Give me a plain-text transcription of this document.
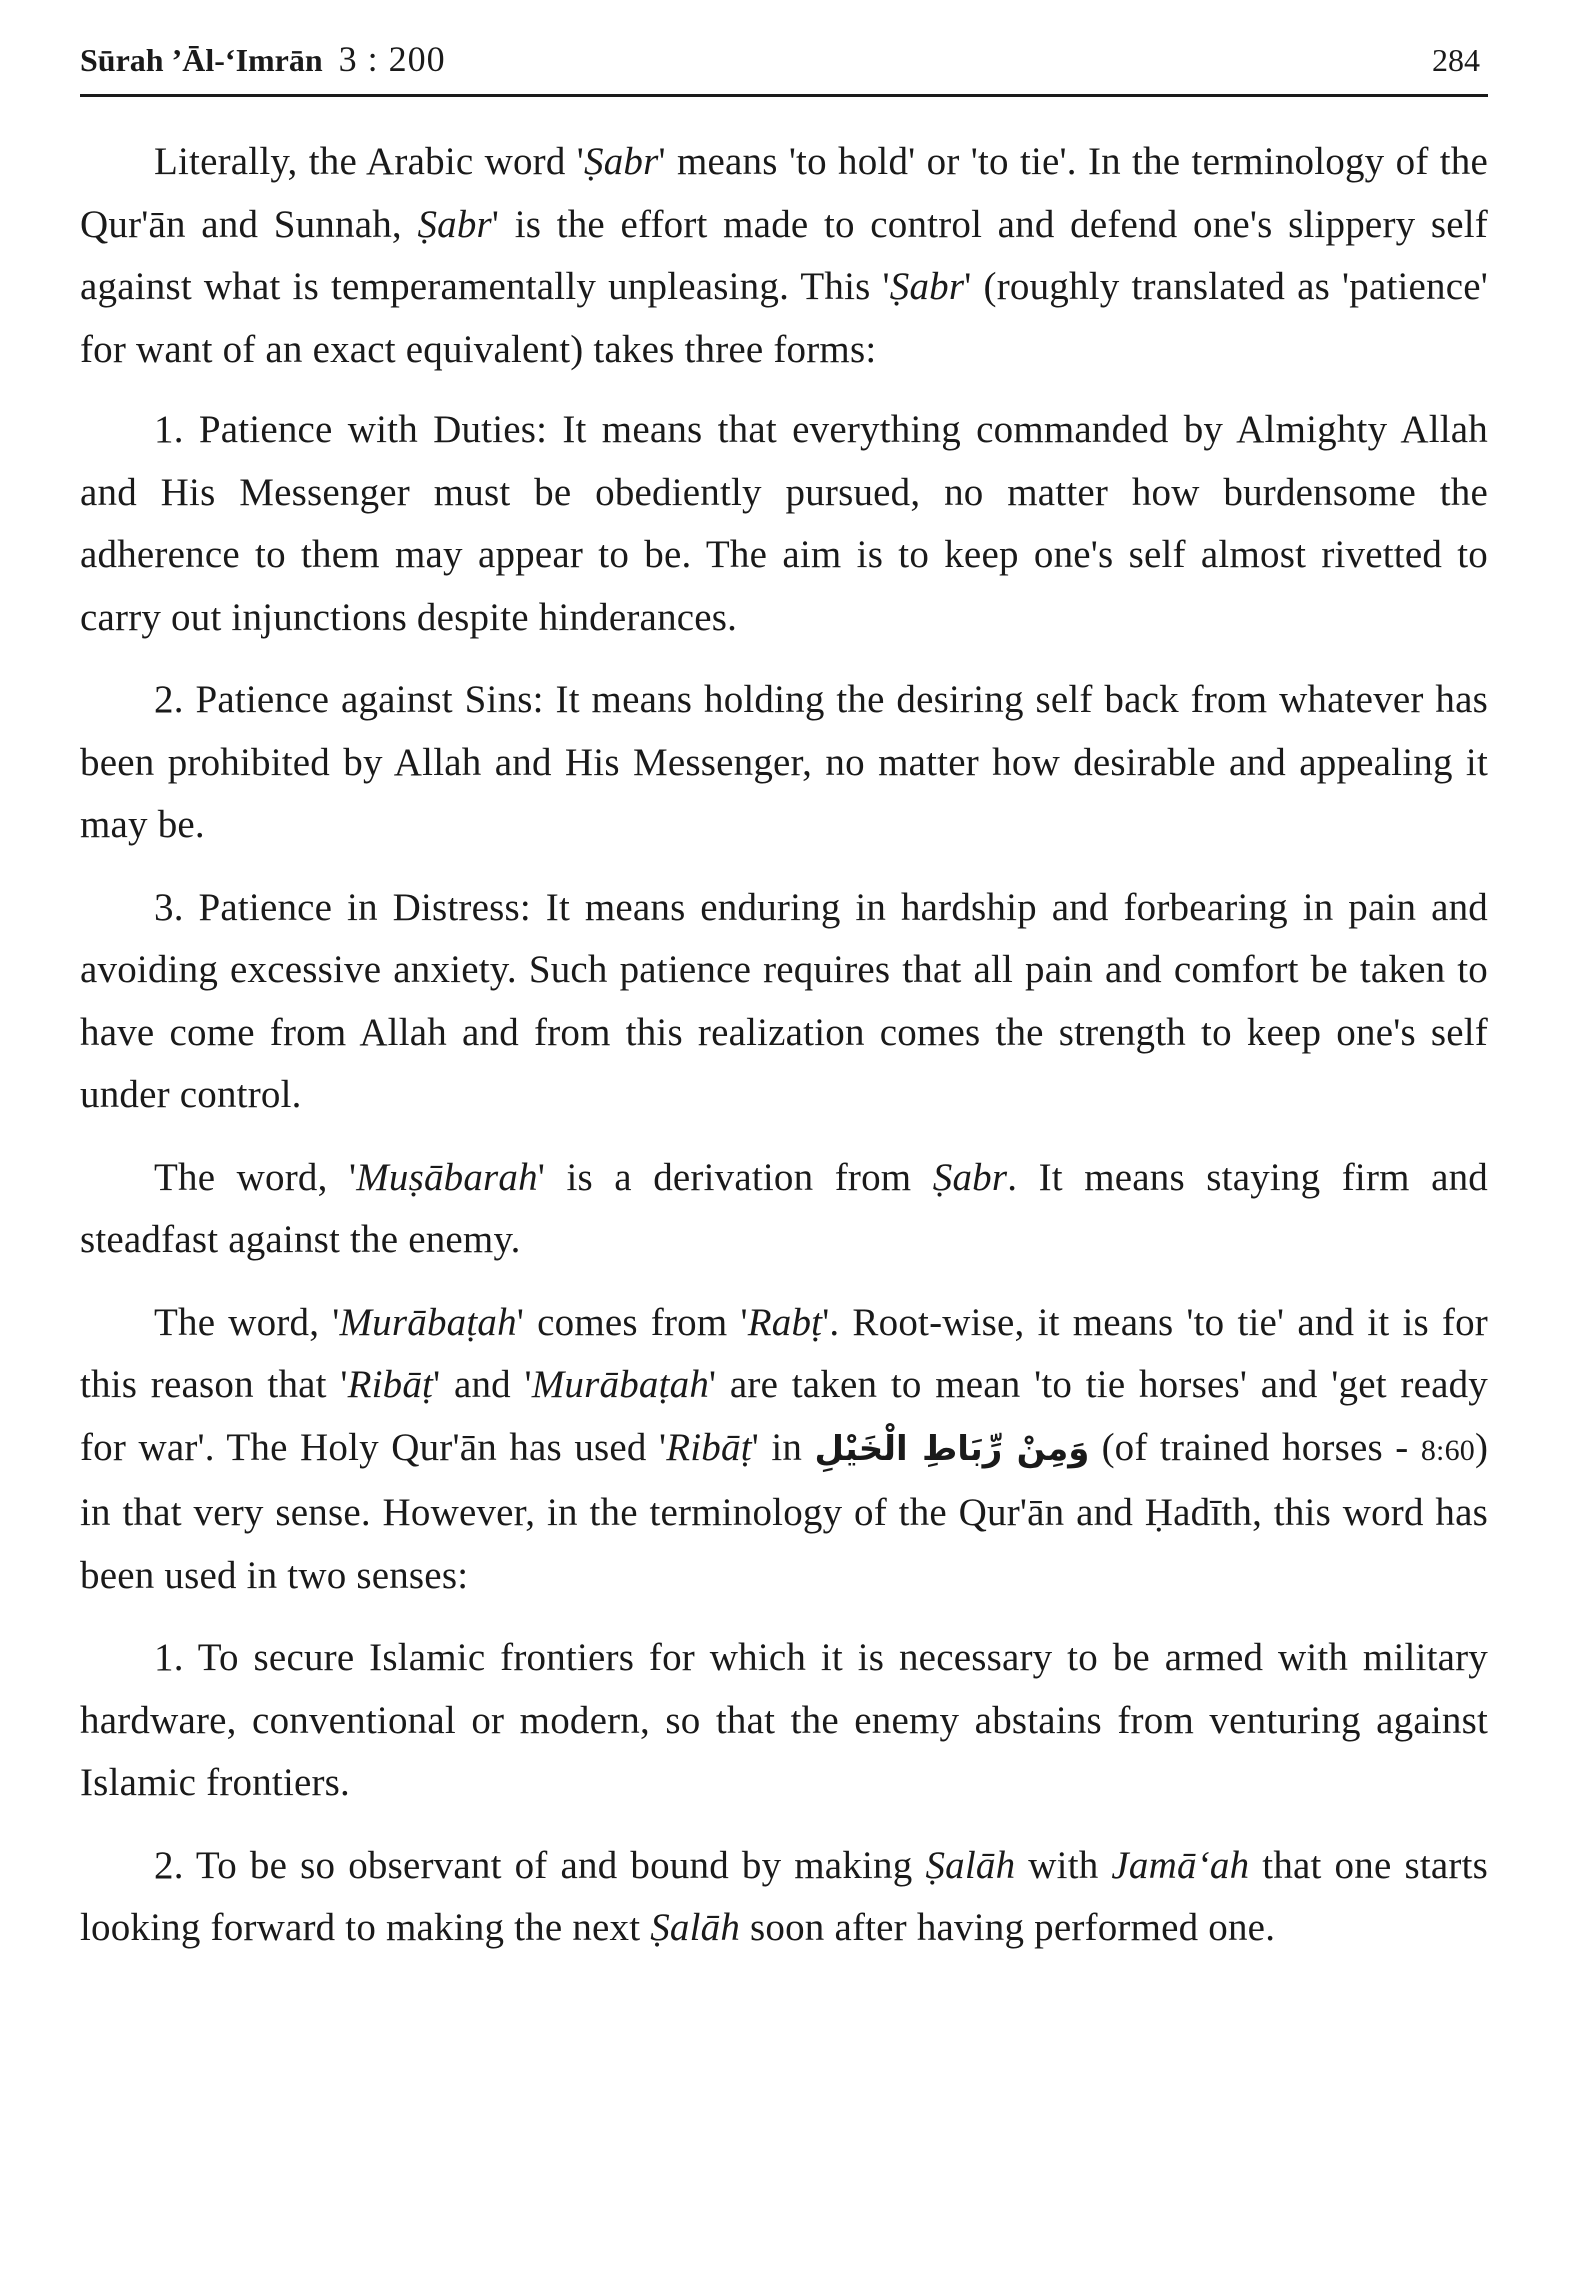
Sūrah ’Āl-‘Imrān 3 : 200	284

Literally, the Arabic word 'Ṣabr' means 'to hold' or 'to tie'. In the terminology of the Qur'ān and Sunnah, Ṣabr' is the effort made to control and defend one's slippery self against what is temperamentally unpleasing. This 'Ṣabr' (roughly translated as 'patience' for want of an exact equivalent) takes three forms:

1. Patience with Duties: It means that everything commanded by Almighty Allah and His Messenger must be obediently pursued, no matter how burdensome the adherence to them may appear to be. The aim is to keep one's self almost rivetted to carry out injunctions despite hinderances.

2. Patience against Sins: It means holding the desiring self back from whatever has been prohibited by Allah and His Messenger, no matter how desirable and appealing it may be.

3. Patience in Distress: It means enduring in hardship and forbearing in pain and avoiding excessive anxiety. Such patience requires that all pain and comfort be taken to have come from Allah and from this realization comes the strength to keep one's self under control.

The word, 'Muṣābarah' is a derivation from Ṣabr. It means staying firm and steadfast against the enemy.

The word, 'Murābaṭah' comes from 'Rabṭ'. Root-wise, it means 'to tie' and it is for this reason that 'Ribāṭ' and 'Murābaṭah' are taken to mean 'to tie horses' and 'get ready for war'. The Holy Qur'ān has used 'Ribāṭ' in وَمِنْ رِّبَاطِ الْخَيْلِ (of trained horses - 8:60) in that very sense. However, in the terminology of the Qur'ān and Ḥadīth, this word has been used in two senses:

1. To secure Islamic frontiers for which it is necessary to be armed with military hardware, conventional or modern, so that the enemy abstains from venturing against Islamic frontiers.

2. To be so observant of and bound by making Ṣalāh with Jamā‘ah that one starts looking forward to making the next Ṣalāh soon after having performed one.
